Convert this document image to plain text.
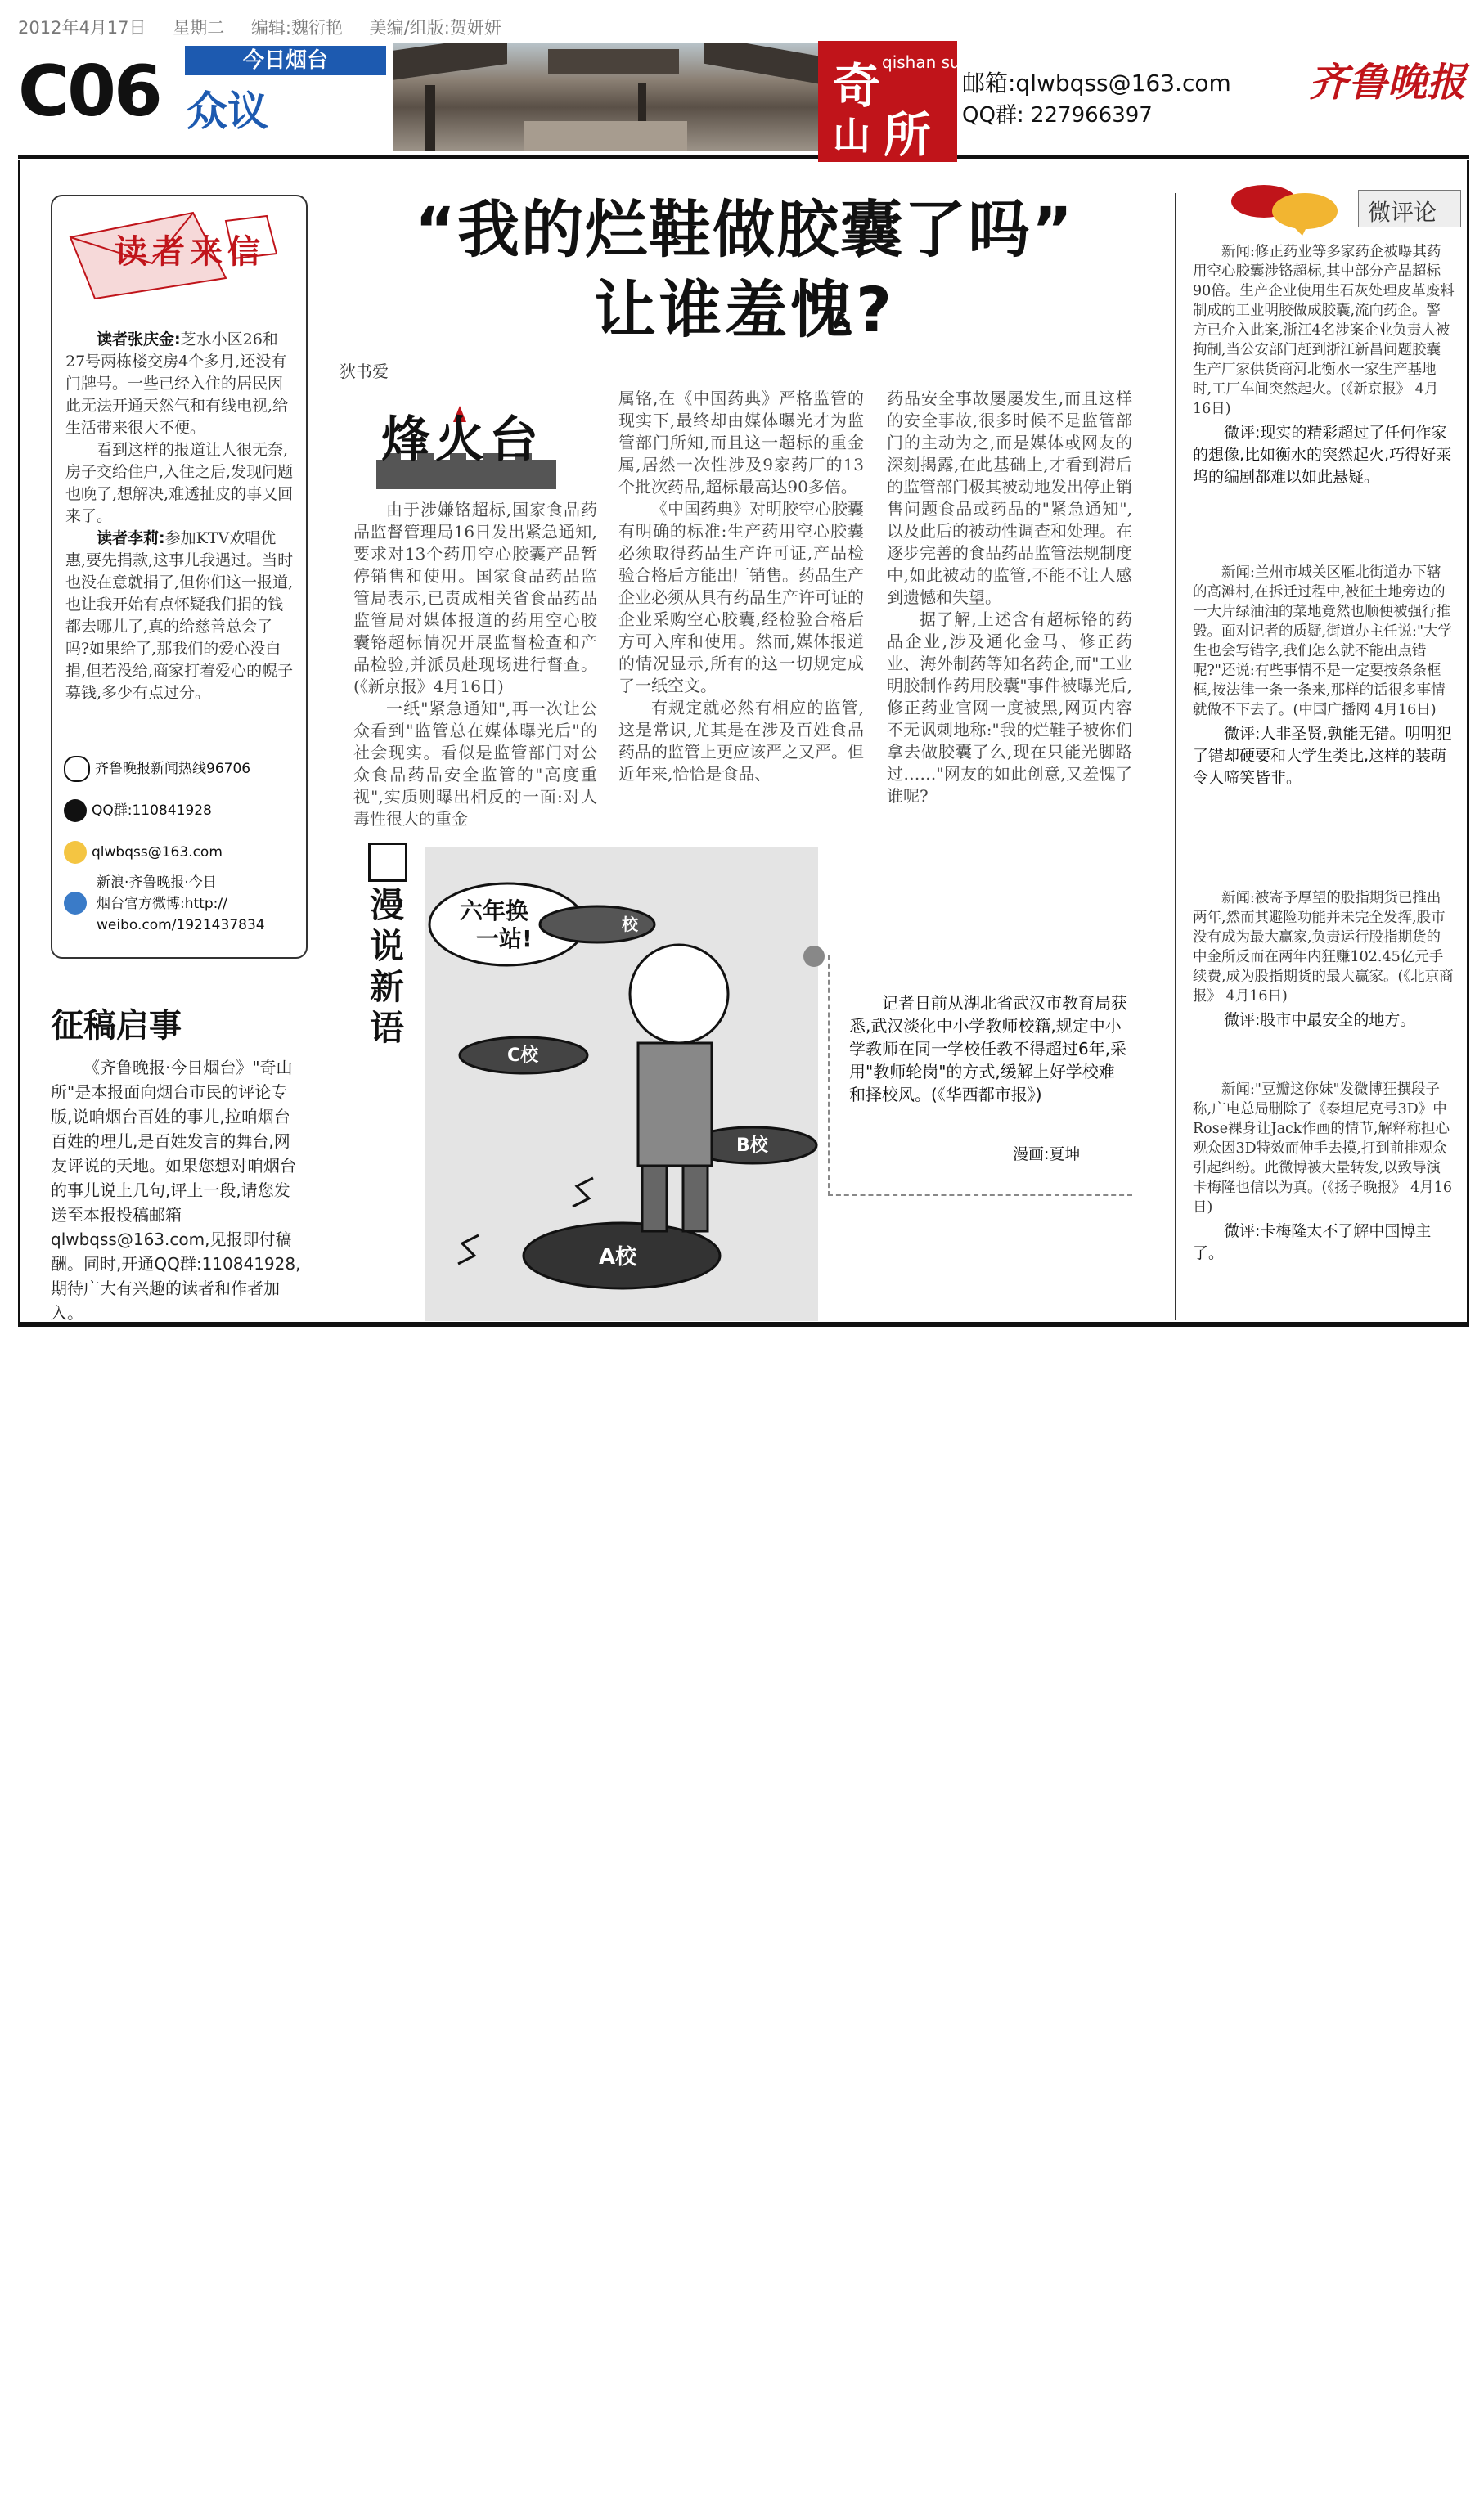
2012年4月17日 星期二 编辑:魏衍艳 美编/组版:贺妍妍
C06	今日烟台
众议	奇 qishan suo
山 所
邮箱:qlwbqss@163.com
QQ群: 227966397
齐鲁晚报
读者来信
读者张庆金:芝水小区26和27号两栋楼交房4个多月,还没有门牌号。一些已经入住的居民因此无法开通天然气和有线电视,给生活带来很大不便。
看到这样的报道让人很无奈,房子交给住户,入住之后,发现问题也晚了,想解决,难透扯皮的事又回来了。
读者李莉:参加KTV欢唱优惠,要先捐款,这事儿我遇过。当时也没在意就捐了,但你们这一报道,也让我开始有点怀疑我们捐的钱都去哪儿了,真的给慈善总会了吗?如果给了,那我们的爱心没白捐,但若没给,商家打着爱心的幌子募钱,多少有点过分。
齐鲁晚报新闻热线96706
QQ群:110841928
qlwbqss@163.com
新浪·齐鲁晚报·今日
烟台官方微博:http://
weibo.com/1921437834
征稿启事
《齐鲁晚报·今日烟台》"奇山所"是本报面向烟台市民的评论专版,说咱烟台百姓的事儿,拉咱烟台百姓的理儿,是百姓发言的舞台,网友评说的天地。如果您想对咱烟台的事儿说上几句,评上一段,请您发送至本报投稿邮箱qlwbqss@163.com,见报即付稿酬。同时,开通QQ群:110841928,期待广大有兴趣的读者和作者加入。
“我的烂鞋做胶囊了吗”
让谁羞愧?
狄书爱
烽火台

由于涉嫌铬超标,国家食品药品监督管理局16日发出紧急通知,要求对13个药用空心胶囊产品暂停销售和使用。国家食品药品监管局表示,已责成相关省食品药品监管局对媒体报道的药用空心胶囊铬超标情况开展监督检查和产品检验,并派员赴现场进行督查。(《新京报》4月16日)

一纸"紧急通知",再一次让公众看到"监管总在媒体曝光后"的社会现实。看似是监管部门对公众食品药品安全监管的"高度重视",实质则曝出相反的一面:对人毒性很大的重金

属铬,在《中国药典》严格监管的现实下,最终却由媒体曝光才为监管部门所知,而且这一超标的重金属,居然一次性涉及9家药厂的13个批次药品,超标最高达90多倍。

《中国药典》对明胶空心胶囊有明确的标准:生产药用空心胶囊必须取得药品生产许可证,产品检验合格后方能出厂销售。药品生产企业必须从具有药品生产许可证的企业采购空心胶囊,经检验合格后方可入库和使用。然而,媒体报道的情况显示,所有的这一切规定成了一纸空文。

有规定就必然有相应的监管,这是常识,尤其是在涉及百姓食品药品的监管上更应该严之又严。但近年来,恰恰是食品、

药品安全事故屡屡发生,而且这样的安全事故,很多时候不是监管部门的主动为之,而是媒体或网友的深刻揭露,在此基础上,才看到滞后的监管部门极其被动地发出停止销售问题食品或药品的"紧急通知",以及此后的被动性调查和处理。在逐步完善的食品药品监管法规制度中,如此被动的监管,不能不让人感到遗憾和失望。

据了解,上述含有超标铬的药品企业,涉及通化金马、修正药业、海外制药等知名药企,而"工业明胶制作药用胶囊"事件被曝光后,修正药业官网一度被黑,网页内容不无讽刺地称:"我的烂鞋子被你们拿去做胶囊了么,现在只能光脚路过……"网友的如此创意,又羞愧了谁呢?

漫说新语
六年换
一站!
校
C校
B校
A校
记者日前从湖北省武汉市教育局获悉,武汉淡化中小学教师校籍,规定中小学教师在同一学校任教不得超过6年,采用"教师轮岗"的方式,缓解上好学校难和择校风。(《华西都市报》)
漫画:夏坤
微评论
新闻:修正药业等多家药企被曝其药用空心胶囊涉铬超标,其中部分产品超标90倍。生产企业使用生石灰处理皮革废料制成的工业明胶做成胶囊,流向药企。警方已介入此案,浙江4名涉案企业负责人被拘制,当公安部门赶到浙江新昌问题胶囊生产厂家供货商河北衡水一家生产基地时,工厂车间突然起火。(《新京报》 4月16日)
微评:现实的精彩超过了任何作家的想像,比如衡水的突然起火,巧得好莱坞的编剧都难以如此悬疑。
新闻:兰州市城关区雁北街道办下辖的高滩村,在拆迁过程中,被征土地旁边的一大片绿油油的菜地竟然也顺便被强行推毁。面对记者的质疑,街道办主任说:"大学生也会写错字,我们怎么就不能出点错呢?"还说:有些事情不是一定要按条条框框,按法律一条一条来,那样的话很多事情就做不下去了。(中国广播网 4月16日)
微评:人非圣贤,孰能无错。明明犯了错却硬要和大学生类比,这样的装萌令人啼笑皆非。
新闻:被寄予厚望的股指期货已推出两年,然而其避险功能并未完全发挥,股市没有成为最大赢家,负责运行股指期货的中金所反而在两年内狂赚102.45亿元手续费,成为股指期货的最大赢家。(《北京商报》 4月16日)
微评:股市中最安全的地方。
新闻:"豆瓣这你妹"发微博狂撰段子称,广电总局删除了《泰坦尼克号3D》中Rose裸身让Jack作画的情节,解释称担心观众因3D特效而伸手去摸,打到前排观众引起纠纷。此微博被大量转发,以致导演卡梅隆也信以为真。(《扬子晚报》 4月16日)
微评:卡梅隆太不了解中国博主了。
